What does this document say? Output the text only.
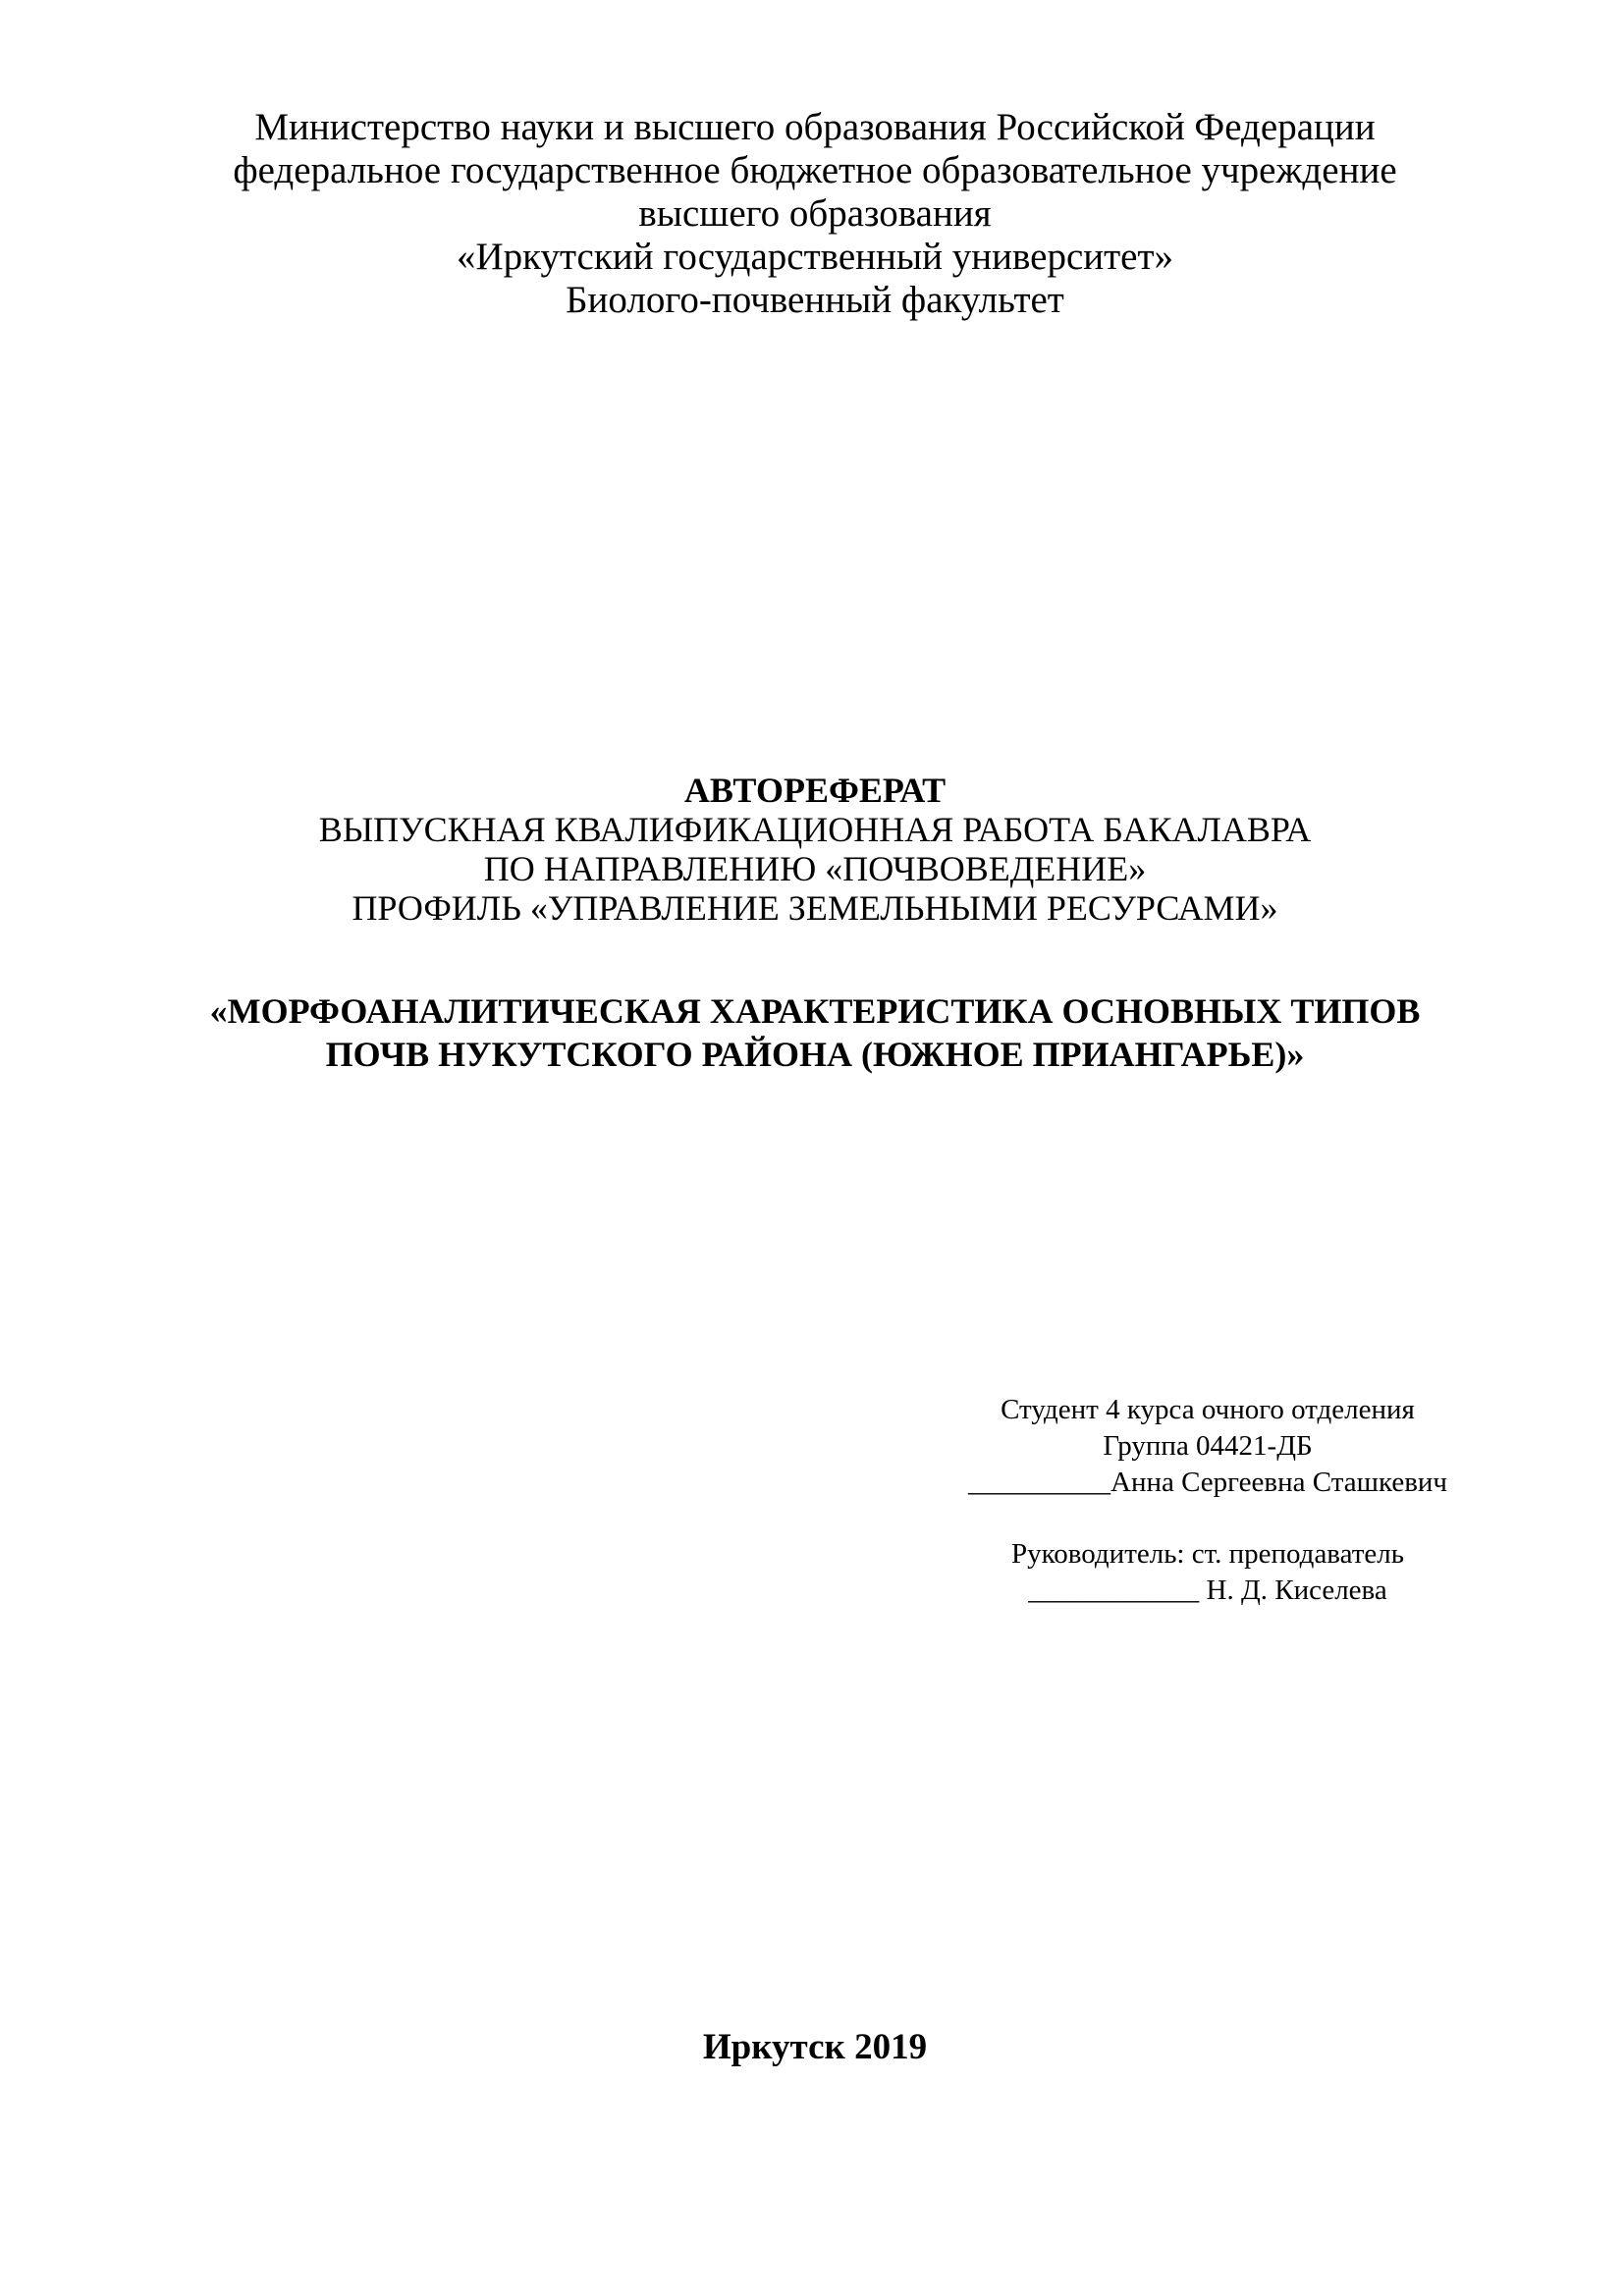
Министерство науки и высшего образования Российской Федерации
федеральное государственное бюджетное образовательное учреждение
высшего образования
«Иркутский государственный университет»
Биолого-почвенный факультет
АВТОРЕФЕРАТ
ВЫПУСКНАЯ КВАЛИФИКАЦИОННАЯ РАБОТА БАКАЛАВРА
ПО НАПРАВЛЕНИЮ «ПОЧВОВЕДЕНИЕ»
ПРОФИЛЬ «УПРАВЛЕНИЕ ЗЕМЕЛЬНЫМИ РЕСУРСАМИ»
«МОРФОАНАЛИТИЧЕСКАЯ ХАРАКТЕРИСТИКА ОСНОВНЫХ ТИПОВ
ПОЧВ НУКУТСКОГО РАЙОНА (ЮЖНОЕ ПРИАНГАРЬЕ)»
Студент 4 курса очного отделения
Группа 04421-ДБ
__________Анна Сергеевна Сташкевич
Руководитель: ст. преподаватель
____________ Н. Д. Киселева
Иркутск 2019
